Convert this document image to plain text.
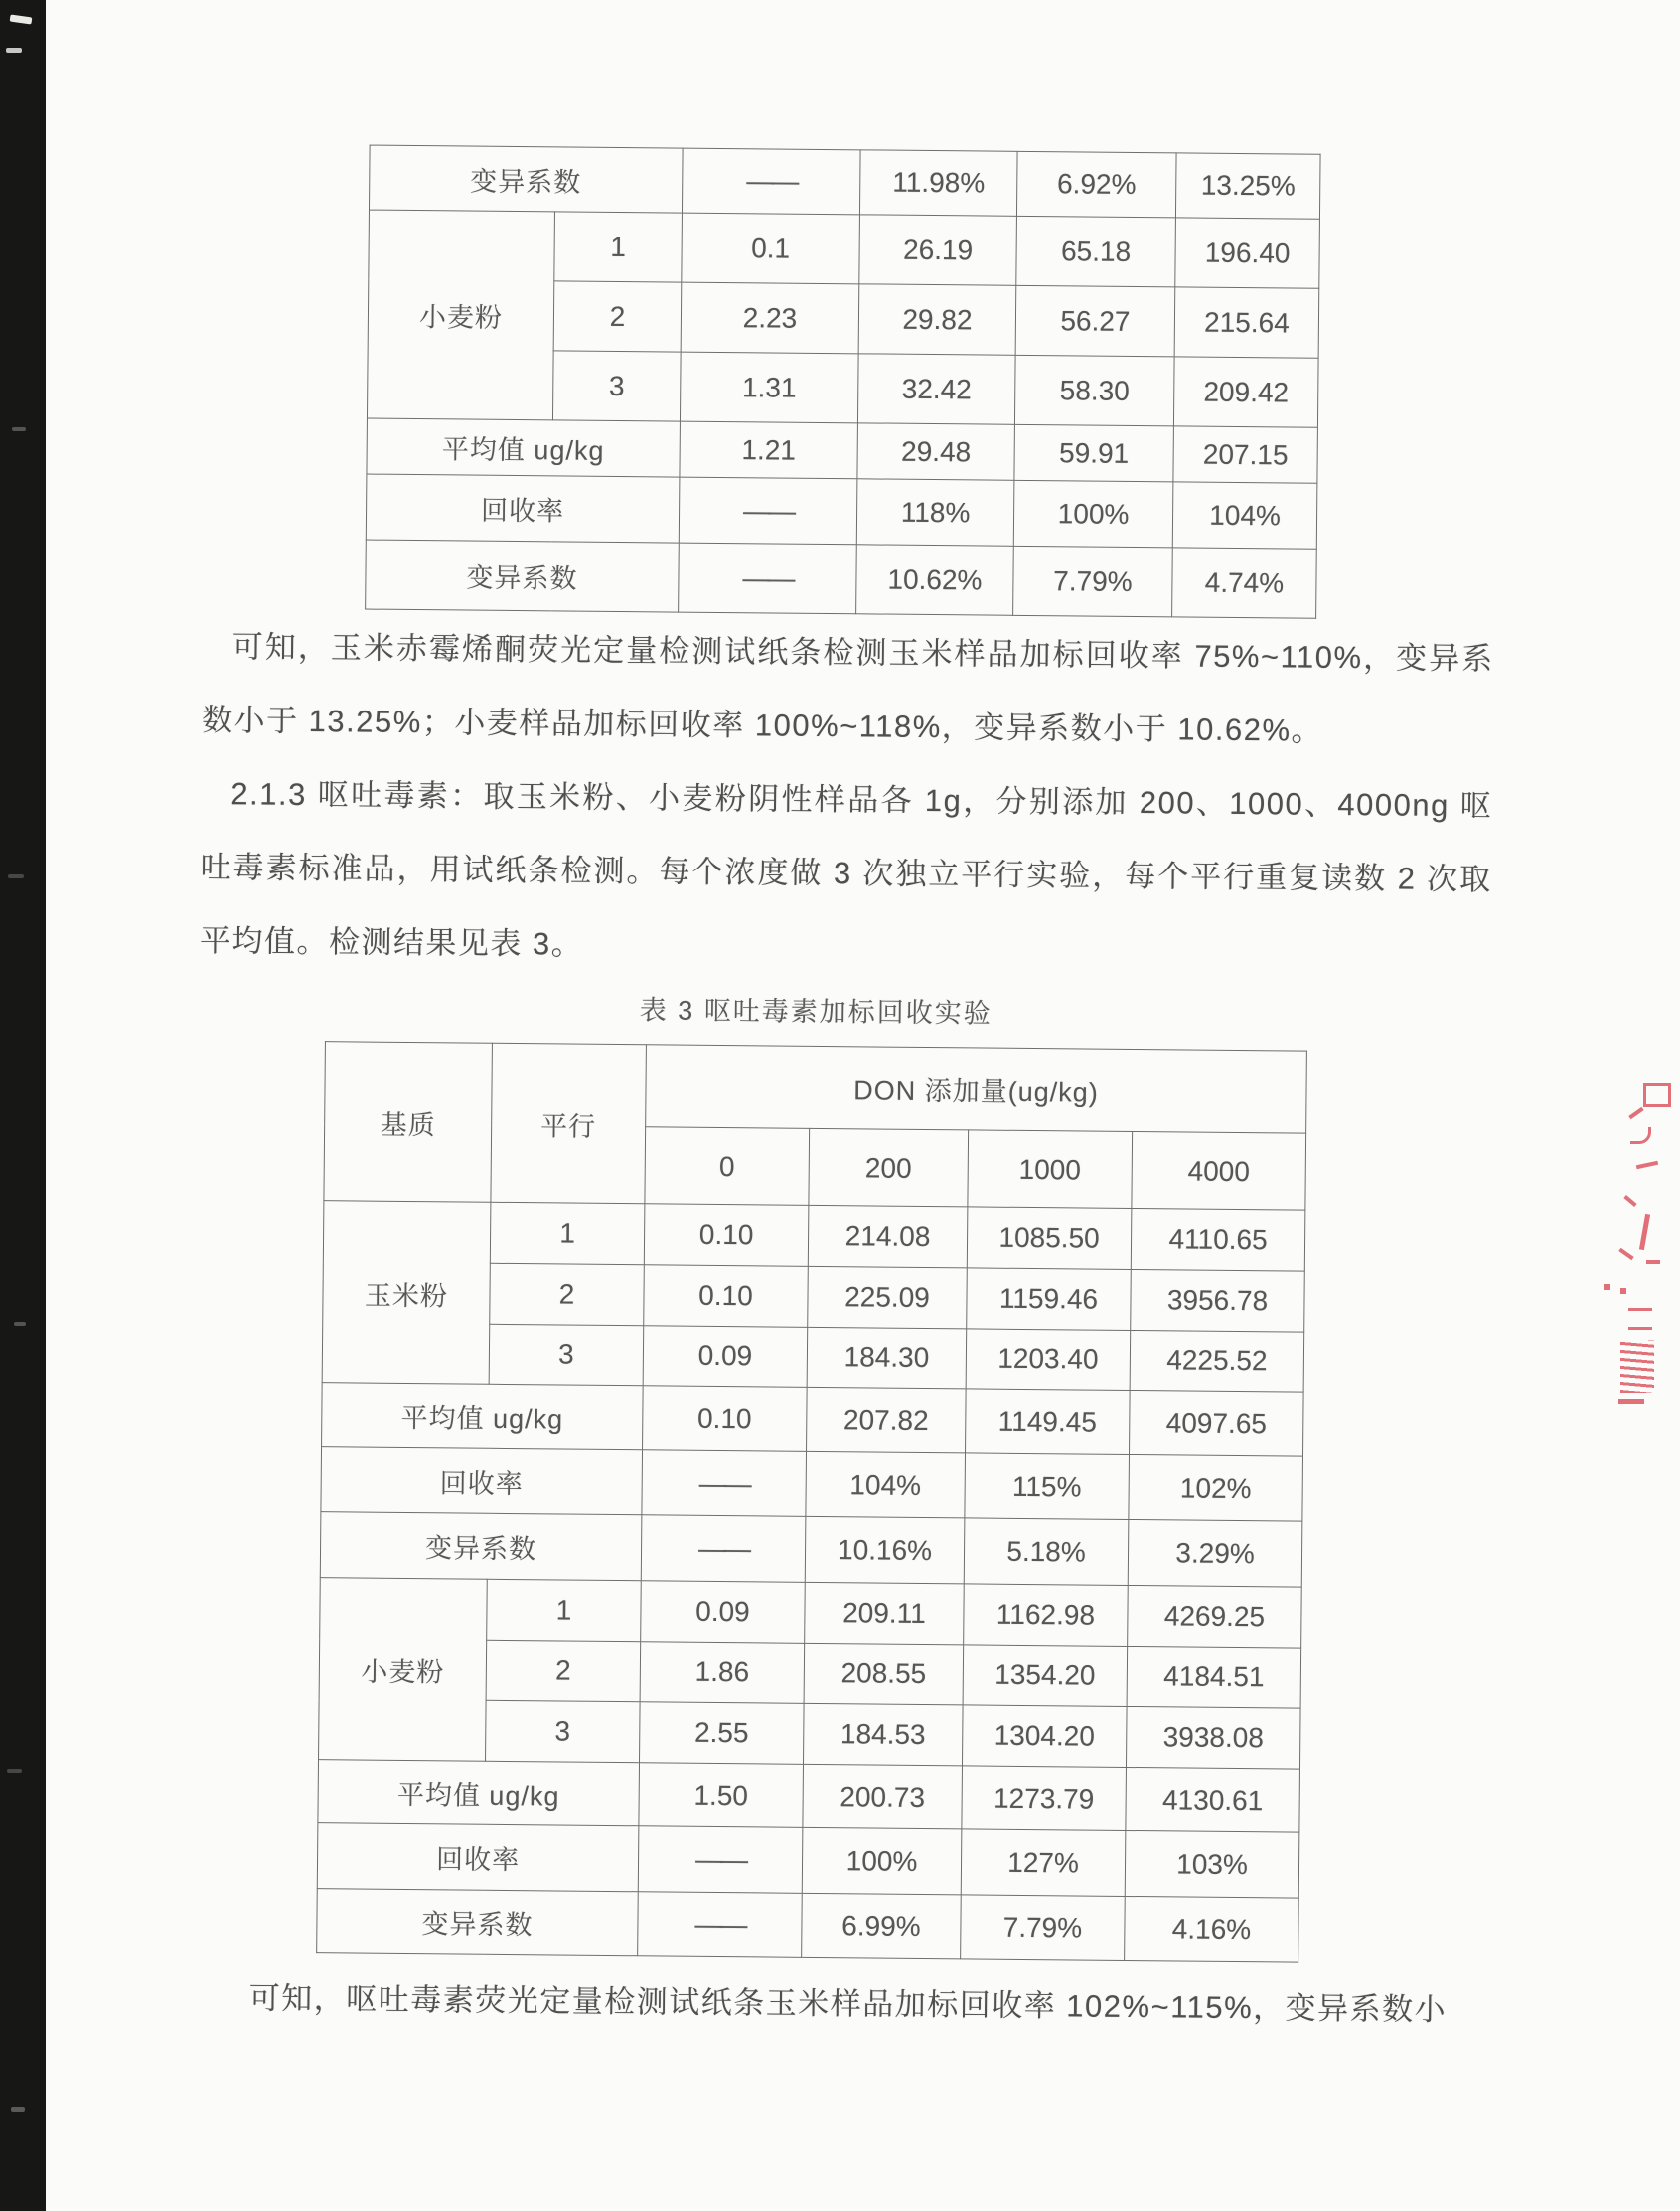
变异系数		——	11.98%	6.92%	13.25%
小麦粉	1	0.1	26.19	65.18	196.40
	2	2.23	29.82	56.27	215.64
	3	1.31	32.42	58.30	209.42
平均值 ug/kg		1.21	29.48	59.91	207.15
回收率		——	118%	100%	104%
变异系数		——	10.62%	7.79%	4.74%

可知，玉米赤霉烯酮荧光定量检测试纸条检测玉米样品加标回收率 75%~110%，变异系数小于 13.25%；小麦样品加标回收率 100%~118%，变异系数小于 10.62%。

2.1.3 呕吐毒素：取玉米粉、小麦粉阴性样品各 1g，分别添加 200、1000、4000ng 呕吐毒素标准品，用试纸条检测。每个浓度做 3 次独立平行实验，每个平行重复读数 2 次取平均值。检测结果见表 3。

表 3 呕吐毒素加标回收实验
基质	平行	DON 添加量(ug/kg)			
		0	200	1000	4000
玉米粉	1	0.10	214.08	1085.50	4110.65
	2	0.10	225.09	1159.46	3956.78
	3	0.09	184.30	1203.40	4225.52
平均值 ug/kg		0.10	207.82	1149.45	4097.65
回收率		——	104%	115%	102%
变异系数		——	10.16%	5.18%	3.29%
小麦粉	1	0.09	209.11	1162.98	4269.25
	2	1.86	208.55	1354.20	4184.51
	3	2.55	184.53	1304.20	3938.08
平均值 ug/kg		1.50	200.73	1273.79	4130.61
回收率		——	100%	127%	103%
变异系数		——	6.99%	7.79%	4.16%

可知，呕吐毒素荧光定量检测试纸条玉米样品加标回收率 102%~115%，变异系数小
